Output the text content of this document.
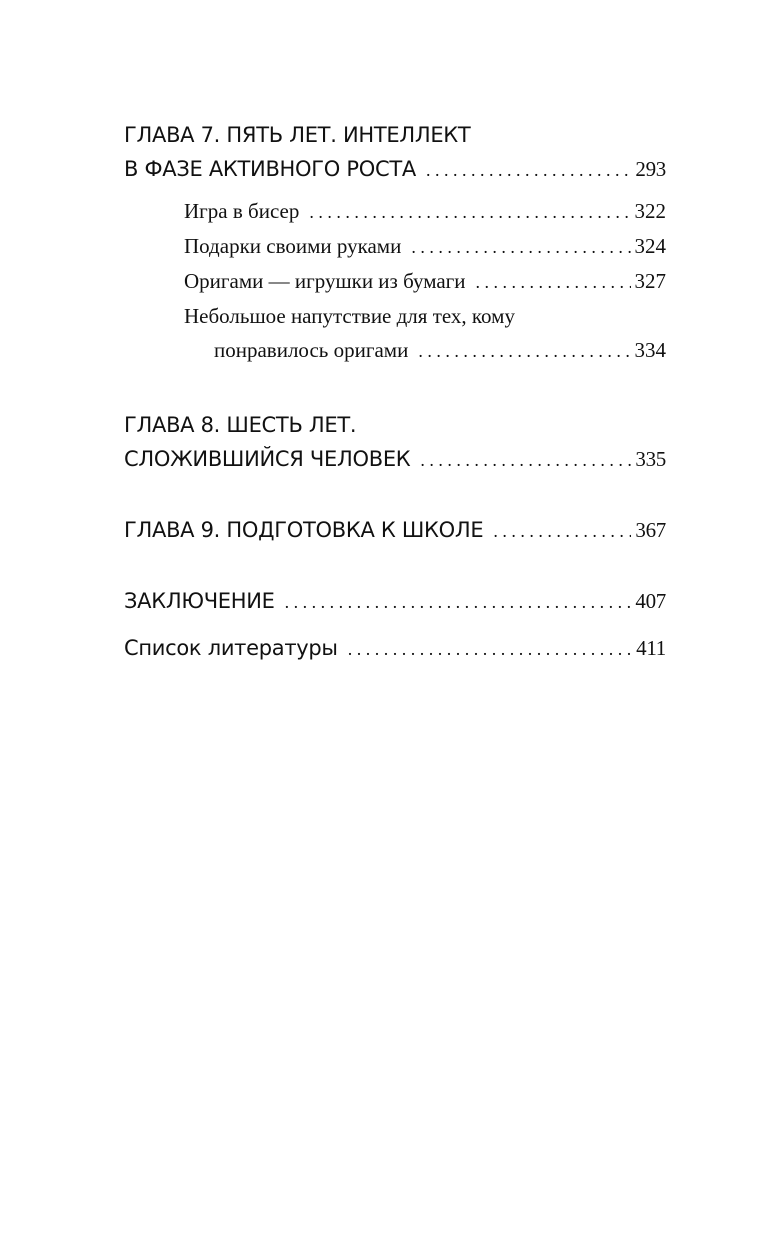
ГЛАВА 7. ПЯТЬ ЛЕТ. ИНТЕЛЛЕКТ
В ФАЗЕ АКТИВНОГО РОСТА . . .	293
Игра в бисер . . .	322
Подарки своими руками . . .	324
Оригами — игрушки из бумаги . . .	327
Небольшое напутствие для тех, кому
понравилось оригами . . .	334
ГЛАВА 8. ШЕСТЬ ЛЕТ.
СЛОЖИВШИЙСЯ ЧЕЛОВЕК . . .	335
ГЛАВА 9. ПОДГОТОВКА К ШКОЛЕ . . .	367
ЗАКЛЮЧЕНИЕ . . .	407
Список литературы . . .	411
